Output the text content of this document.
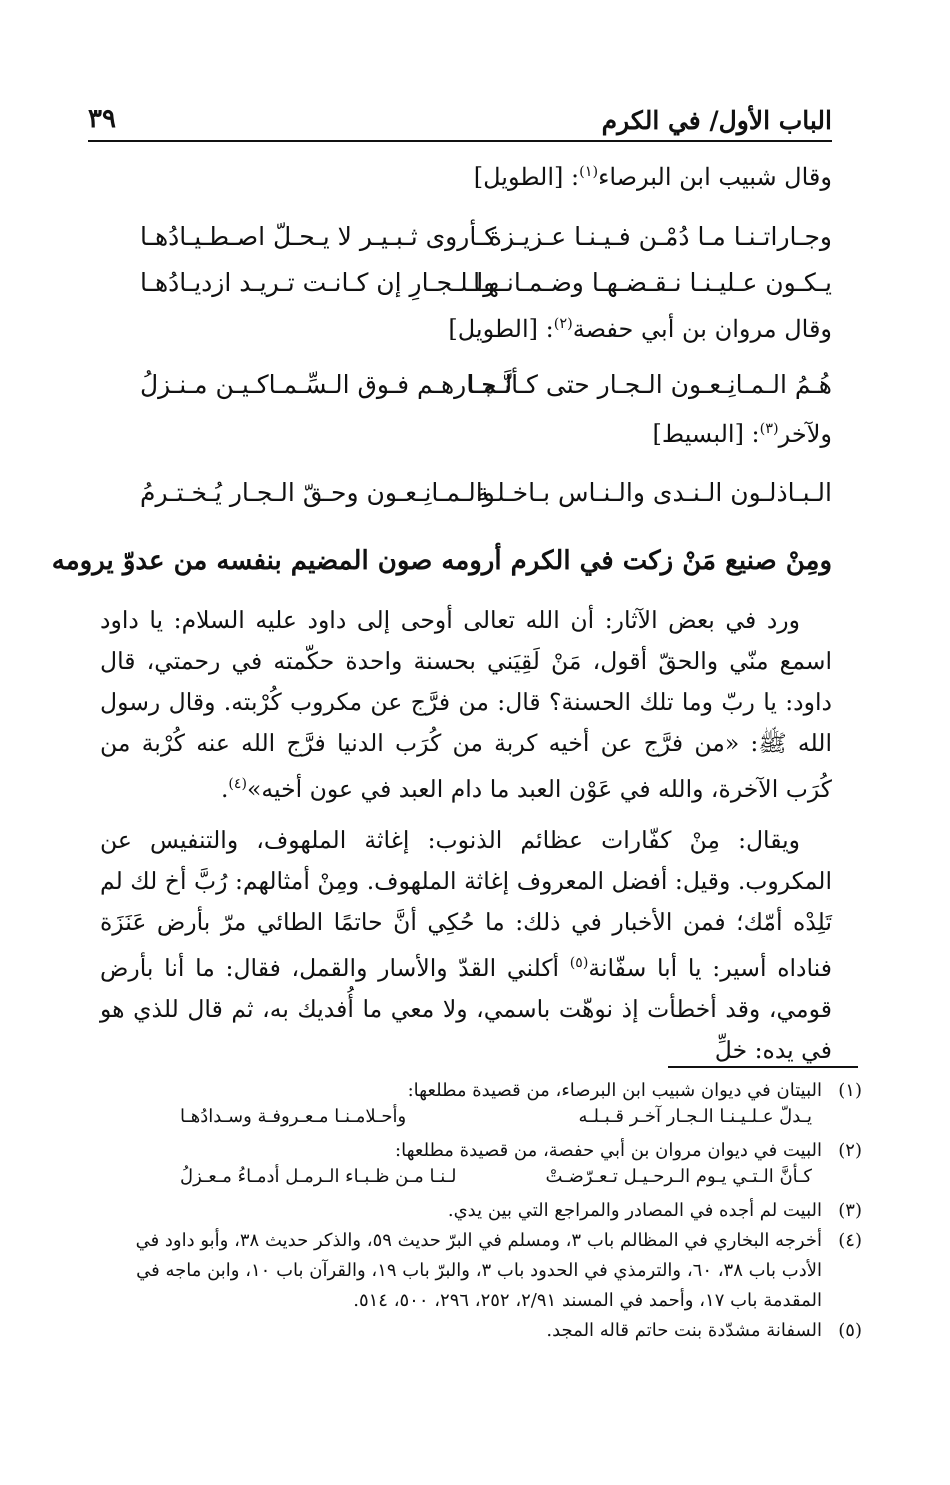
الباب الأول/ في الكرم
٣٩
وقال شبيب ابن البرصاء$^{(١)}$: [الطويل]
وجـاراتـنـا مـا دُمْـن فـيـنـا عـزيـزة
كـأروى ثـبـيـر لا يـحـلّ اصـطـيـادُهـا
يـكـون عـليـنـا نـقـضـهـا وضـمـانـهـا
ولـلـجـارِ إن كـانـت تـريـد ازديـادُهـا
وقال مروان بن أبي حفصة$^{(٢)}$: [الطويل]
هُـمُ الـمـانِـعـون الـجـار حتى كـأنَّـمـا
لـجـارهـم فـوق الـسِّـمـاكـيـن مـنـزلُ
ولآخر$^{(٣)}$: [البسيط]
الـبـاذلـون الـنـدى والـنـاس بـاخـلـة
والـمـانِـعـون وحـقّ الـجـار يُـخـتـرمُ
ومِنْ صنيع مَنْ زكت في الكرم أرومه صون المضيم بنفسه من عدوّ يرومه

ورد في بعض الآثار: أن الله تعالى أوحى إلى داود عليه السلام: يا داود اسمع منّي والحقّ أقول، مَنْ لَقِيَني بحسنة واحدة حكّمته في رحمتي، قال داود: يا ربّ وما تلك الحسنة؟ قال: من فرَّج عن مكروب كُرْبته. وقال رسول الله ﷺ: «من فرَّج عن أخيه كربة من كُرَب الدنيا فرَّج الله عنه كُرْبة من كُرَب الآخرة، والله في عَوْن العبد ما دام العبد في عون أخيه»$^{(٤)}$.

ويقال: مِنْ كفّارات عظائم الذنوب: إغاثة الملهوف، والتنفيس عن المكروب. وقيل: أفضل المعروف إغاثة الملهوف. ومِنْ أمثالهم: رُبَّ أخ لك لم تَلِدْه أمّك؛ فمن الأخبار في ذلك: ما حُكِي أنَّ حاتمًا الطائي مرّ بأرض عَنَزَة فناداه أسير: يا أبا سفّانة$^{(٥)}$ أكلني القدّ والأسار والقمل، فقال: ما أنا بأرض قومي، وقد أخطأت إذ نوهّت باسمي، ولا معي ما أُفديك به، ثم قال للذي هو في يده: خلِّ

(١)
البيتان في ديوان شبيب ابن البرصاء، من قصيدة مطلعها:
يـدلّ عـلـيـنـا الـجـار آخـر قـبـلـه
وأحـلامـنـا مـعـروفـة وسـدادُهـا
(٢)
البيت في ديوان مروان بن أبي حفصة، من قصيدة مطلعها:
كـأنَّ الـتـي يـوم الـرحـيـل تـعـرّضـتْ
لـنـا مـن ظـبـاء الـرمـل أدمـاءُ مـعـزلُ
(٣)
البيت لم أجده في المصادر والمراجع التي بين يدي.
(٤)
أخرجه البخاري في المظالم باب ٣، ومسلم في البرّ حديث ٥٩، والذكر حديث ٣٨، وأبو داود في الأدب باب ٣٨، ٦٠، والترمذي في الحدود باب ٣، والبرّ باب ١٩، والقرآن باب ١٠، وابن ماجه في المقدمة باب ١٧، وأحمد في المسند ٢/٩١، ٢٥٢، ٢٩٦، ٥٠٠، ٥١٤.
(٥)
السفانة مشدّدة بنت حاتم قاله المجد.
